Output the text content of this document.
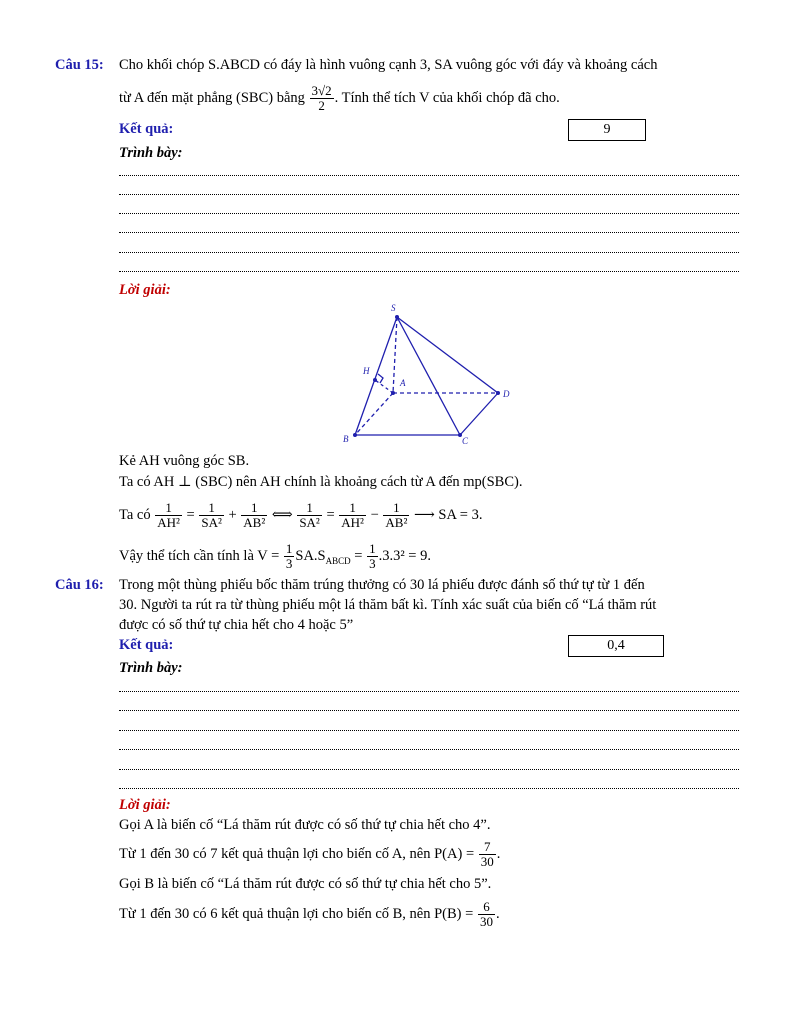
Câu 15: Cho khối chóp S.ABCD có đáy là hình vuông cạnh 3, SA vuông góc với đáy và khoảng cách
từ A đến mặt phẳng (SBC) bằng $\frac{3√2}{2}$ . Tính thể tích V của khối chóp đã cho.
Kết quả:	9
Trình bày:
Lời giải:
S
A
B	C
D
H
Kẻ AH vuông góc SB.
Ta có AH ⊥ (SBC) nên AH chính là khoảng cách từ A đến mp(SBC).
Ta có $\frac{1}{\text{AH²}} = \frac{1}{\text{SA²}} + \frac{1}{\text{AB²}}$ ⟺ $\frac{1}{\text{SA²}} = \frac{1}{\text{AH²}} - \frac{1}{\text{AB²}}$ ⟶ SA = 3.
Vậy thể tích cần tính là $V = \frac{1}{3} SA.S_{ABCD} = \frac{1}{3} .3.3^2 = 9$.
Câu 16: Trong một thùng phiếu bốc thăm trúng thưởng có 30 lá phiếu được đánh số thứ tự từ 1 đến
30. Người ta rút ra từ thùng phiếu một lá thăm bất kì. Tính xác suất của biến cố “Lá thăm rút
được có số thứ tự chia hết cho 4 hoặc 5”
Kết quả:	0,4
Trình bày:
Lời giải:
Gọi A là biến cố “Lá thăm rút được có số thứ tự chia hết cho 4”.
Từ 1 đến 30 có 7 kết quả thuận lợi cho biến cố A, nên $P(A) = \frac{7}{30}$ .
Gọi B là biến cố “Lá thăm rút được có số thứ tự chia hết cho 5”.
Từ 1 đến 30 có 6 kết quả thuận lợi cho biến cố B, nên $P(B) = \frac{6}{30}$ .
